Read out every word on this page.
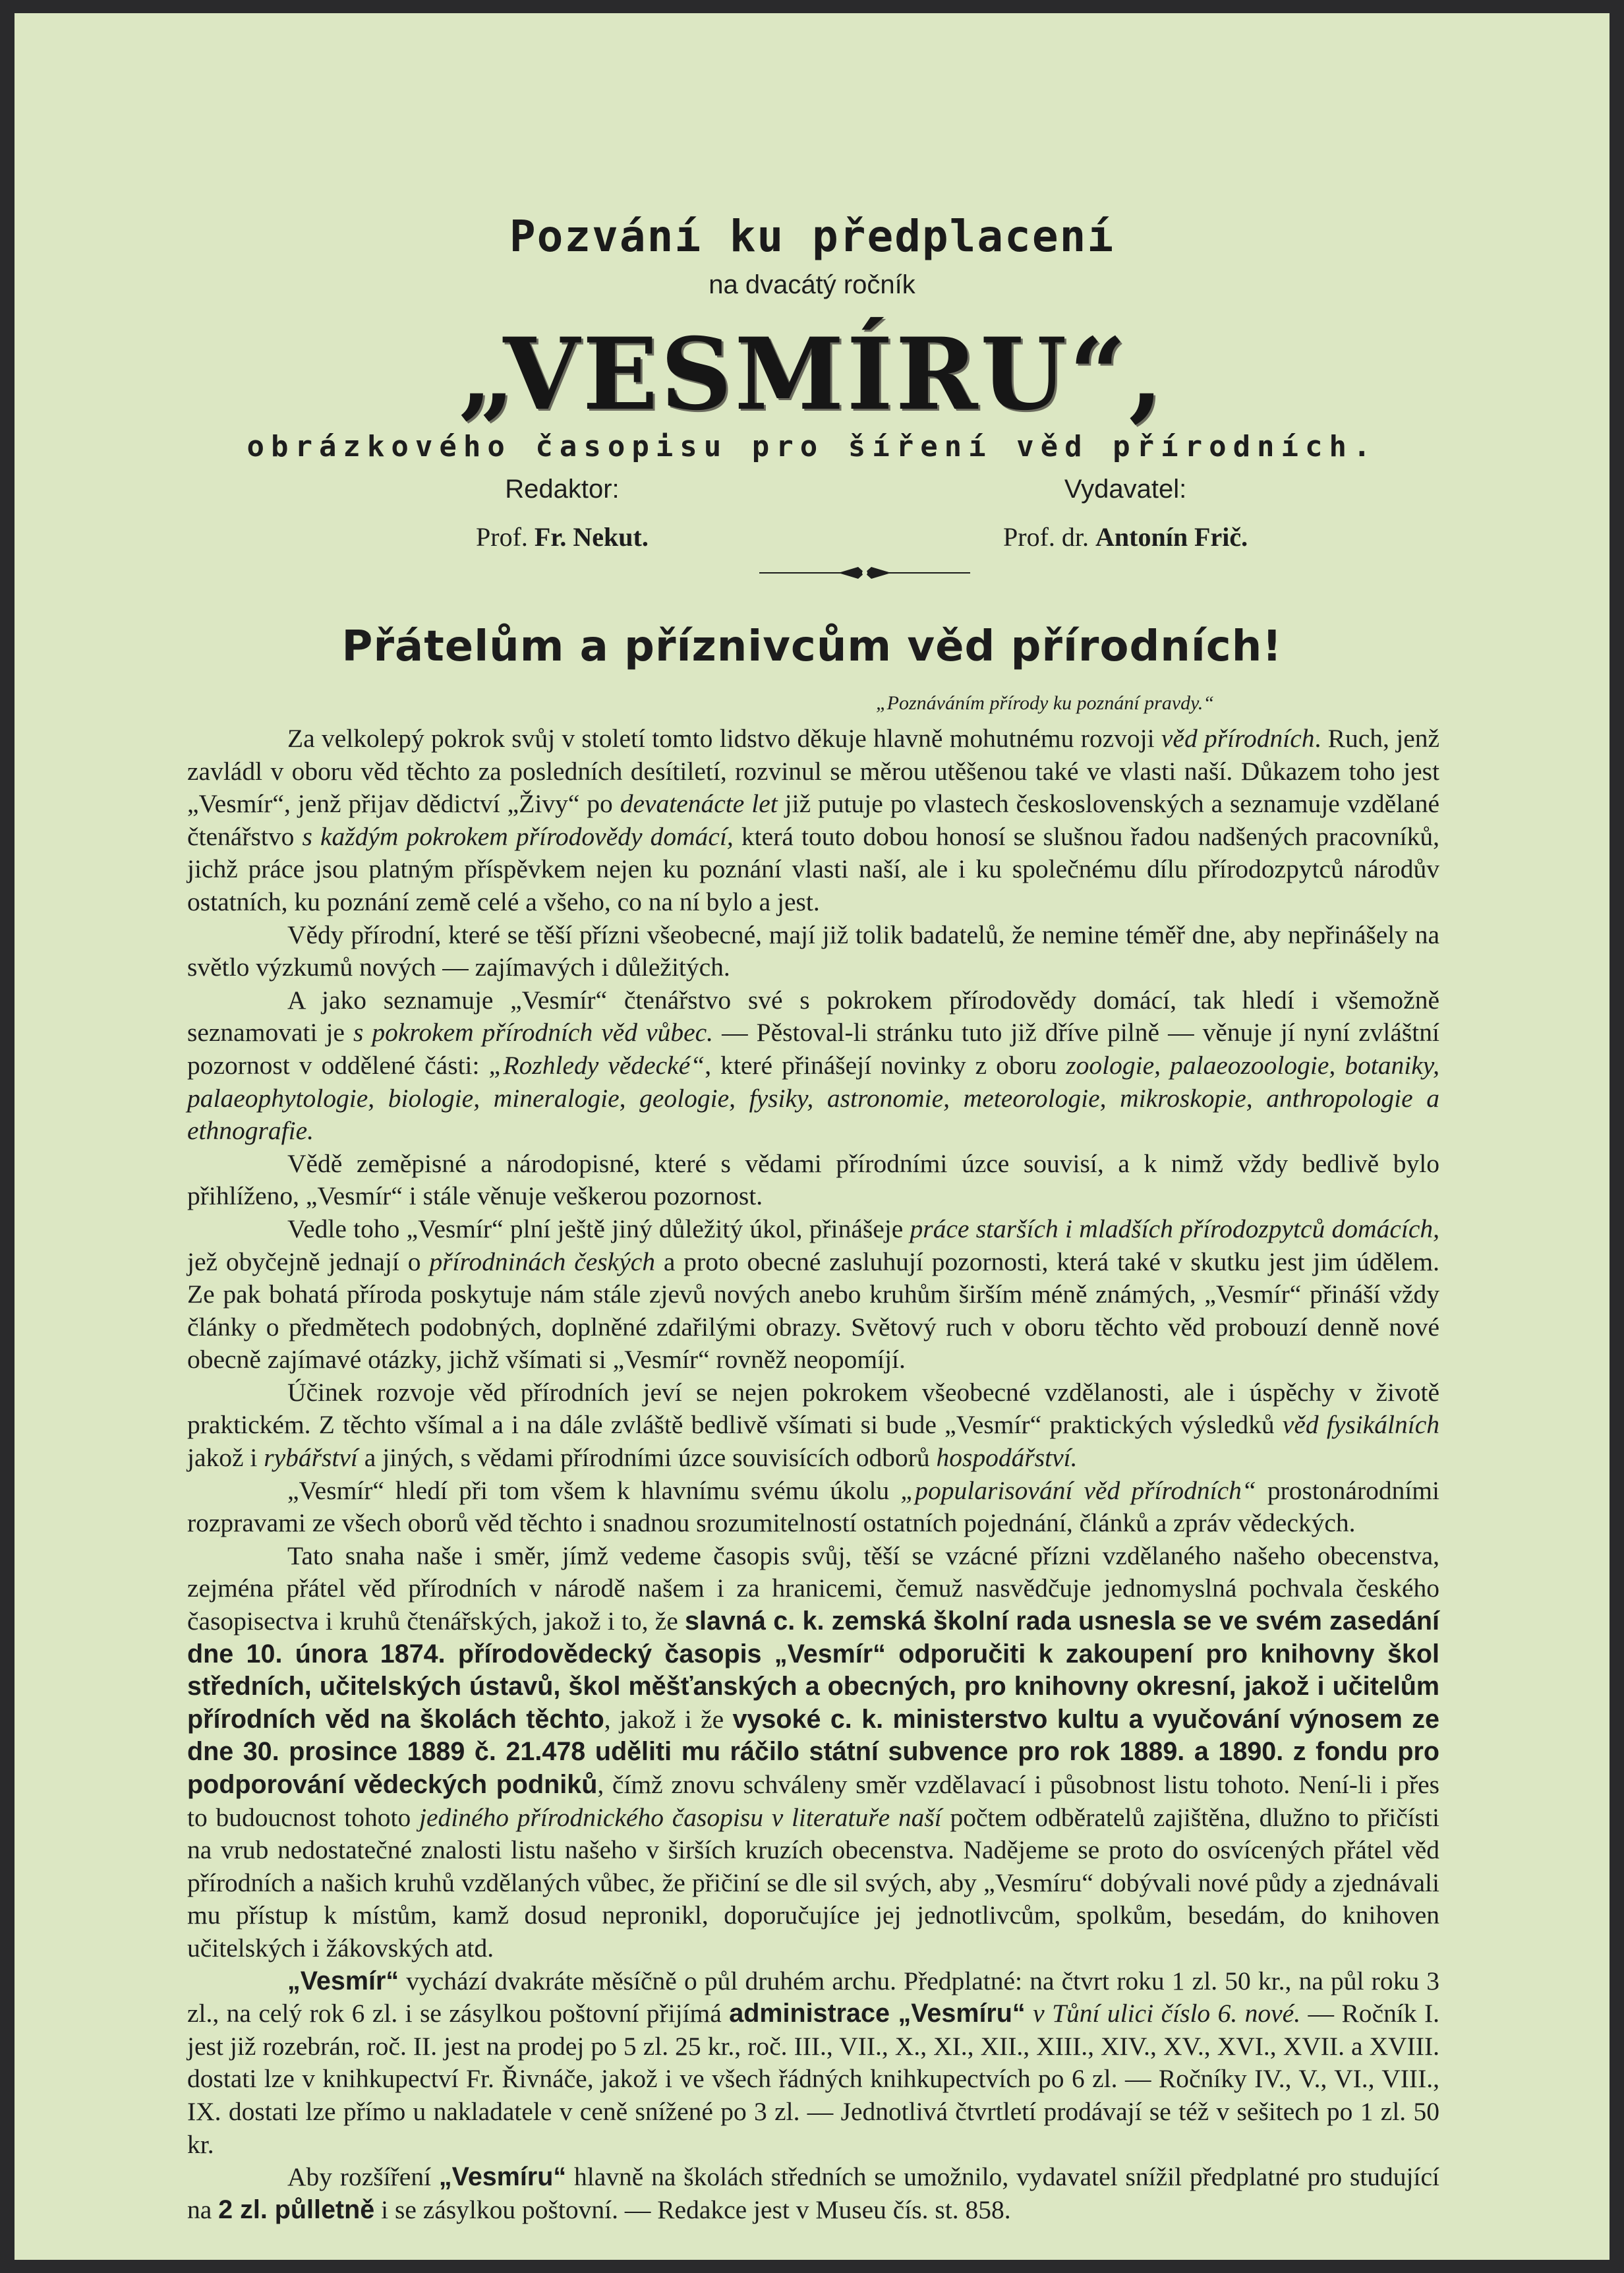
Pozvání ku předplacení
na dvacátý ročník
„VESMÍRU“,
obrázkového časopisu pro šíření věd přírodních.
Redaktor:
Prof. Fr. Nekut.
Vydavatel:
Prof. dr. Antonín Frič.
Přátelům a příznivcům věd přírodních!
„Poznáváním přírody ku poznání pravdy.“

Za velkolepý pokrok svůj v století tomto lidstvo děkuje hlavně mohutnému rozvoji věd přírodních. Ruch, jenž zavládl v oboru věd těchto za posledních desítiletí, rozvinul se měrou utěšenou také ve vlasti naší. Důkazem toho jest „Vesmír“, jenž přijav dědictví „Živy“ po devatenácte let již putuje po vlastech československých a seznamuje vzdělané čtenářstvo s každým pokrokem přírodovědy domácí, která touto dobou honosí se slušnou řadou nadšených pracovníků, jichž práce jsou platným příspěvkem nejen ku poznání vlasti naší, ale i ku společnému dílu přírodozpytců národův ostatních, ku poznání země celé a všeho, co na ní bylo a jest.

Vědy přírodní, které se těší přízni všeobecné, mají již tolik badatelů, že nemine téměř dne, aby nepřinášely na světlo výzkumů nových — zajímavých i důležitých.

A jako seznamuje „Vesmír“ čtenářstvo své s pokrokem přírodovědy domácí, tak hledí i všemožně seznamovati je s pokrokem přírodních věd vůbec. — Pěstoval-li stránku tuto již dříve pilně — věnuje jí nyní zvláštní pozornost v oddělené části: „Rozhledy vědecké“, které přinášejí novinky z oboru zoologie, palaeozoologie, botaniky, palaeophytologie, biologie, mineralogie, geologie, fysiky, astronomie, meteorologie, mikroskopie, anthropologie a ethnografie.

Vědě zeměpisné a národopisné, které s vědami přírodními úzce souvisí, a k nimž vždy bedlivě bylo přihlíženo, „Vesmír“ i stále věnuje veškerou pozornost.

Vedle toho „Vesmír“ plní ještě jiný důležitý úkol, přinášeje práce starších i mladších přírodozpytců domácích, jež obyčejně jednají o přírodninách českých a proto obecné zasluhují pozornosti, která také v skutku jest jim údělem. Ze pak bohatá příroda poskytuje nám stále zjevů nových anebo kruhům širším méně známých, „Vesmír“ přináší vždy články o předmětech podobných, doplněné zdařilými obrazy. Světový ruch v oboru těchto věd probouzí denně nové obecně zajímavé otázky, jichž všímati si „Vesmír“ rovněž neopomíjí.

Účinek rozvoje věd přírodních jeví se nejen pokrokem všeobecné vzdělanosti, ale i úspěchy v životě praktickém. Z těchto všímal a i na dále zvláště bedlivě všímati si bude „Vesmír“ praktických výsledků věd fysikálních jakož i rybářství a jiných, s vědami přírodními úzce souvisících odborů hospodářství.

„Vesmír“ hledí při tom všem k hlavnímu svému úkolu „popularisování věd přírodních“ prostonárodními rozpravami ze všech oborů věd těchto i snadnou srozumitelností ostatních pojednání, článků a zpráv vědeckých.

Tato snaha naše i směr, jímž vedeme časopis svůj, těší se vzácné přízni vzdělaného našeho obecenstva, zejména přátel věd přírodních v národě našem i za hranicemi, čemuž nasvědčuje jednomyslná pochvala českého časopisectva i kruhů čtenářských, jakož i to, že slavná c. k. zemská školní rada usnesla se ve svém zasedání dne 10. února 1874. přírodovědecký časopis „Vesmír“ odporučiti k zakoupení pro knihovny škol středních, učitelských ústavů, škol měšťanských a obecných, pro knihovny okresní, jakož i učitelům přírodních věd na školách těchto, jakož i že vysoké c. k. ministerstvo kultu a vyučování výnosem ze dne 30. prosince 1889 č. 21.478 uděliti mu ráčilo státní subvence pro rok 1889. a 1890. z fondu pro podporování vědeckých podniků, čímž znovu schváleny směr vzdělavací i působnost listu tohoto. Není-li i přes to budoucnost tohoto jediného přírodnického časopisu v literatuře naší počtem odběratelů zajištěna, dlužno to přičísti na vrub nedostatečné znalosti listu našeho v širších kruzích obecenstva. Nadějeme se proto do osvícených přátel věd přírodních a našich kruhů vzdělaných vůbec, že přičiní se dle sil svých, aby „Vesmíru“ dobývali nové půdy a zjednávali mu přístup k místům, kamž dosud nepronikl, doporučujíce jej jednotlivcům, spolkům, besedám, do knihoven učitelských i žákovských atd.

„Vesmír“ vychází dvakráte měsíčně o půl druhém archu. Předplatné: na čtvrt roku 1 zl. 50 kr., na půl roku 3 zl., na celý rok 6 zl. i se zásylkou poštovní přijímá administrace „Vesmíru“ v Tůní ulici číslo 6. nové. — Ročník I. jest již rozebrán, roč. II. jest na prodej po 5 zl. 25 kr., roč. III., VII., X., XI., XII., XIII., XIV., XV., XVI., XVII. a XVIII. dostati lze v knihkupectví Fr. Řivnáče, jakož i ve všech řádných knihkupectvích po 6 zl. — Ročníky IV., V., VI., VIII., IX. dostati lze přímo u nakladatele v ceně snížené po 3 zl. — Jednotlivá čtvrtletí prodávají se též v sešitech po 1 zl. 50 kr.

Aby rozšíření „Vesmíru“ hlavně na školách středních se umožnilo, vydavatel snížil předplatné pro studující na 2 zl. půlletně i se zásylkou poštovní. — Redakce jest v Museu čís. st. 858.
